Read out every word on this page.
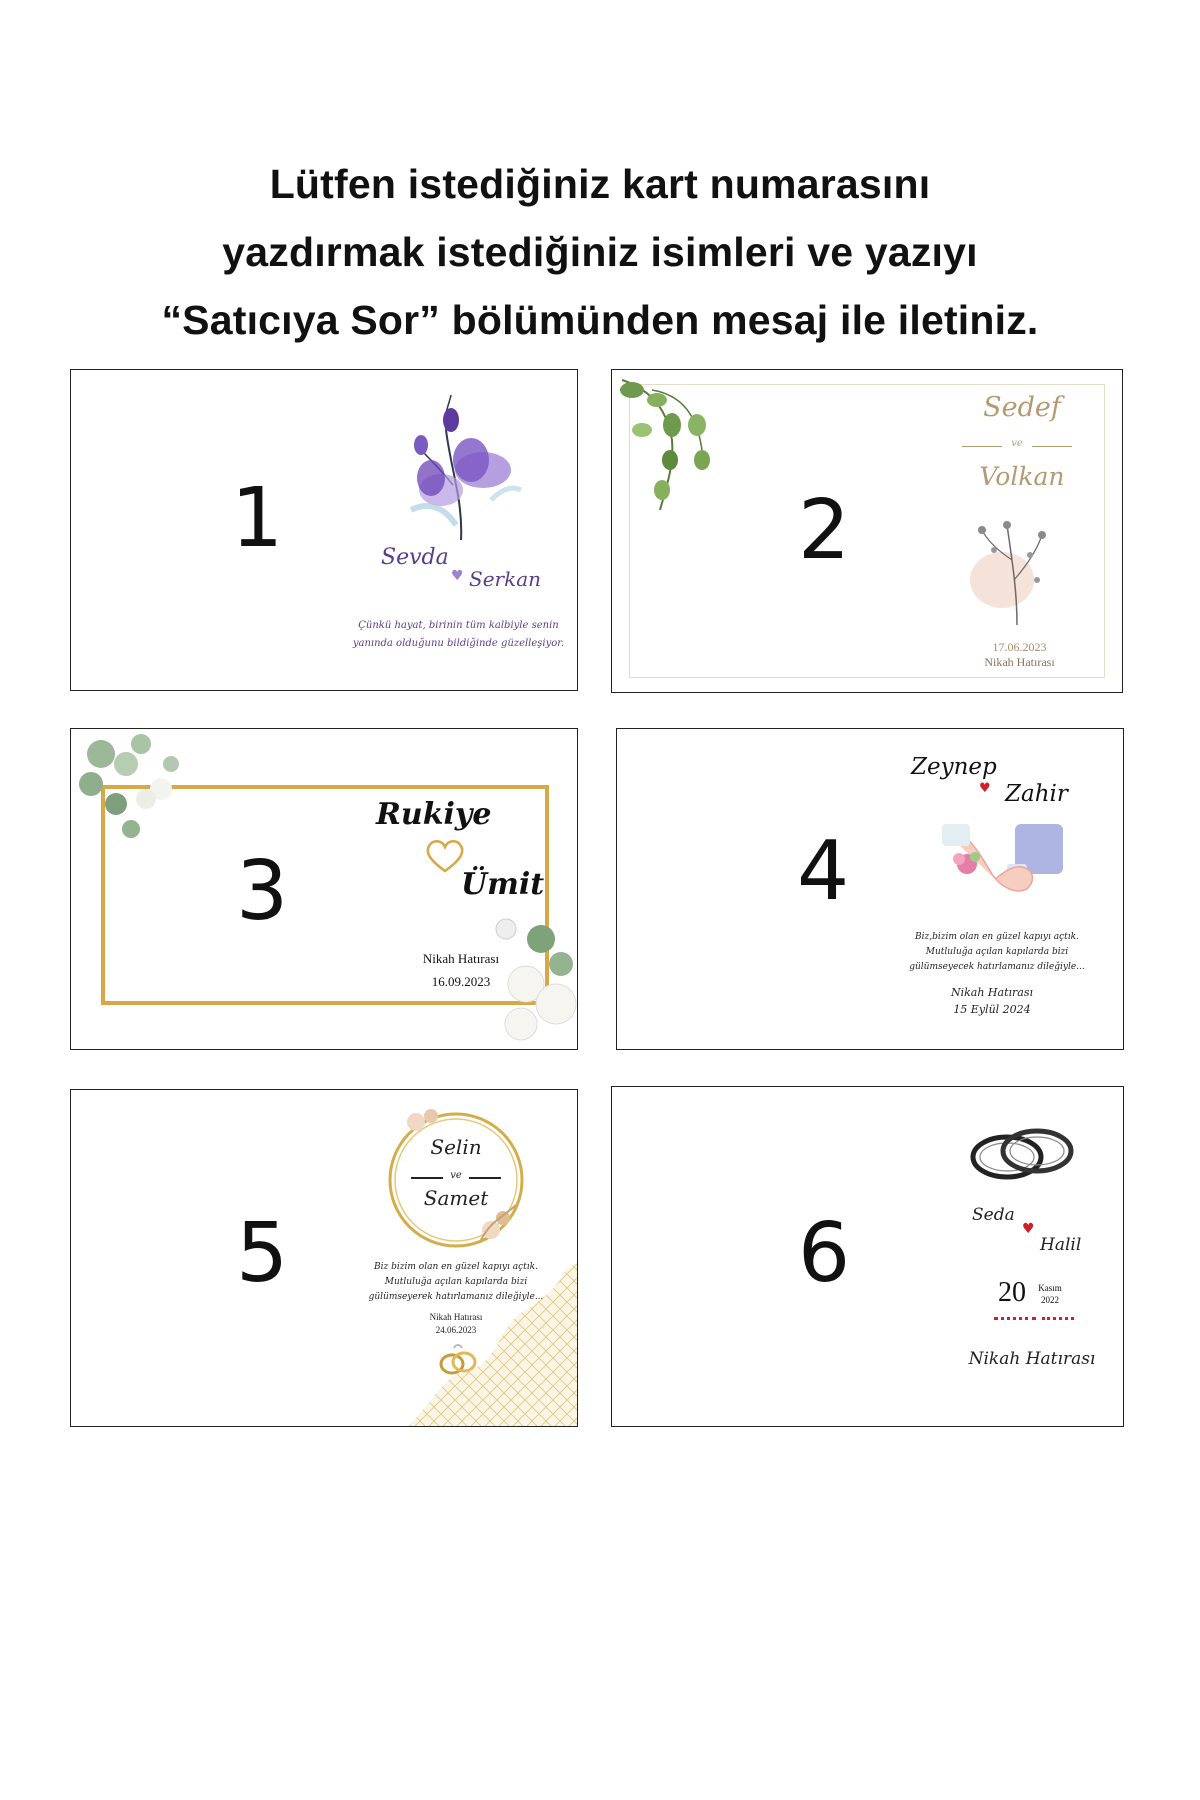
Lütfen istediğiniz kart numarasını
yazdırmak istediğiniz isimleri ve yazıyı
“Satıcıya Sor” bölümünden mesaj ile iletiniz.
1	Sevda
♥ Serkan
Çünkü hayat, birinin tüm kalbiyle senin
yanında olduğunu bildiğinde güzelleşiyor.
2
Sedef
ve
Volkan
17.06.2023
Nikah Hatırası
3
Rukiye
Ümit
Nikah Hatırası
16.09.2023
4
Zeynep
♥ Zahir
Biz,bizim olan en güzel kapıyı açtık.
Mutluluğa açılan kapılarda bizi
gülümseyecek hatırlamanız dileğiyle...
Nikah Hatırası
15 Eylül 2024
5
Selin
ve
Samet
Biz bizim olan en güzel kapıyı açtık.
Mutluluğa açılan kapılarda bizi
gülümseyerek hatırlamanız dileğiyle...
Nikah Hatırası
24.06.2023
6	Seda
♥
Halil
20	Kasım
2022
Nikah Hatırası
